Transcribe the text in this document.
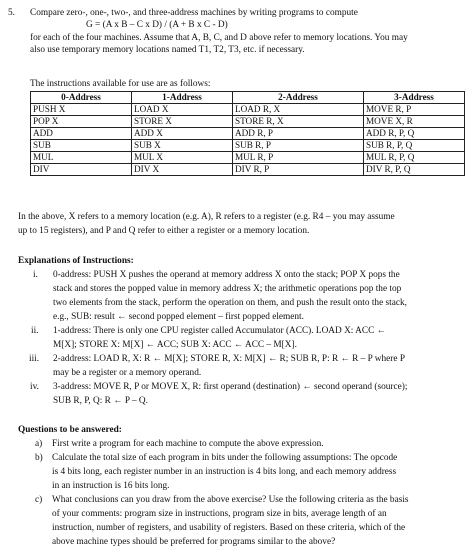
5. Compare zero-, one-, two-, and three-address machines by writing programs to compute
G = (A x B – C x D) / (A + B x C - D)
for each of the four machines. Assume that A, B, C, and D above refer to memory locations. You may
also use temporary memory locations named T1, T2, T3, etc. if necessary.
The instructions available for use are as follows:
0-Address	1-Address	2-Address	3-Address
PUSH X	LOAD X	LOAD R, X	MOVE R, P
POP X	STORE X	STORE R, X	MOVE X, R
ADD	ADD X	ADD R, P	ADD R, P, Q
SUB	SUB X	SUB R, P	SUB R, P, Q
MUL	MUL X	MUL R, P	MUL R, P, Q
DIV	DIV X	DIV R, P	DIV R, P, Q
In the above, X refers to a memory location (e.g. A), R refers to a register (e.g. R4 – you may assume
up to 15 registers), and P and Q refer to either a register or a memory location.
Explanations of Instructions:
i. 0-address: PUSH X pushes the operand at memory address X onto the stack; POP X pops the
stack and stores the popped value in memory address X; the arithmetic operations pop the top
two elements from the stack, perform the operation on them, and push the result onto the stack,
e.g., SUB: result ← second popped element – first popped element.
ii. 1-address: There is only one CPU register called Accumulator (ACC). LOAD X: ACC ←
M[X]; STORE X: M[X] ← ACC; SUB X: ACC ← ACC – M[X].
iii. 2-address: LOAD R, X: R ← M[X]; STORE R, X: M[X] ← R; SUB R, P: R ← R – P where P
may be a register or a memory operand.
iv. 3-address: MOVE R, P or MOVE X, R: first operand (destination) ← second operand (source);
SUB R, P, Q: R ← P – Q.
Questions to be answered:
a) First write a program for each machine to compute the above expression.
b) Calculate the total size of each program in bits under the following assumptions: The opcode
is 4 bits long, each register number in an instruction is 4 bits long, and each memory address
in an instruction is 16 bits long.
c) What conclusions can you draw from the above exercise? Use the following criteria as the basis
of your comments: program size in instructions, program size in bits, average length of an
instruction, number of registers, and usability of registers. Based on these criteria, which of the
above machine types should be preferred for programs similar to the above?
